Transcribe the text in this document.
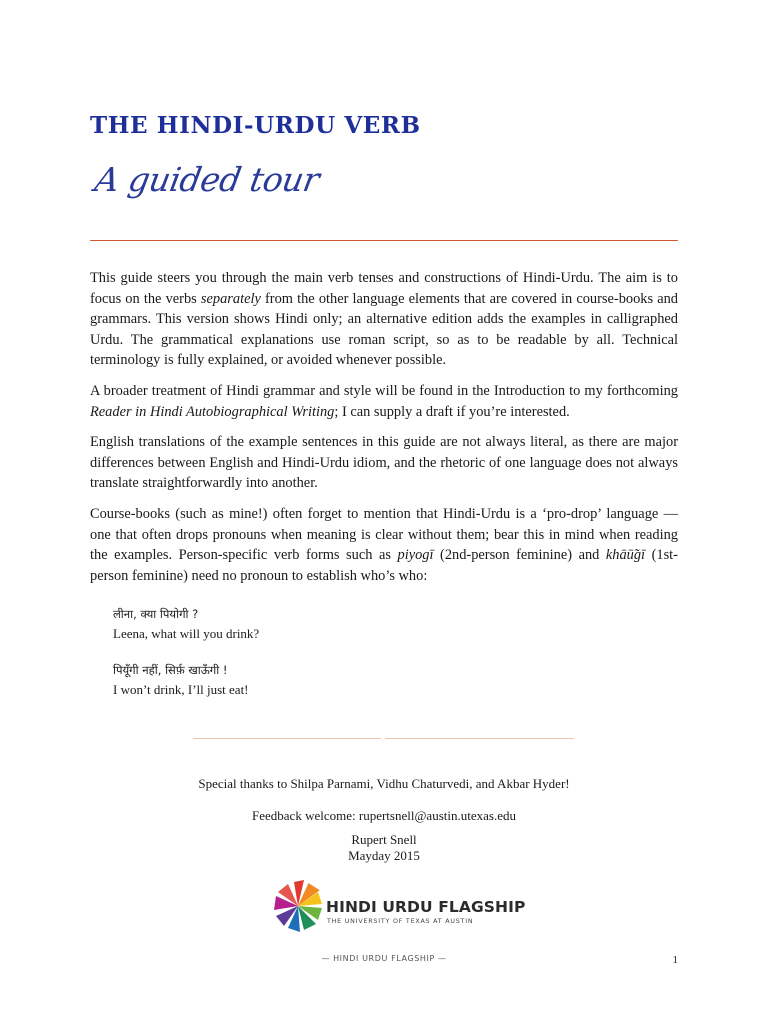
THE HINDI-URDU VERB
A guided tour

This guide steers you through the main verb tenses and constructions of Hindi-Urdu. The aim is to focus on the verbs separately from the other language elements that are covered in course-books and grammars. This version shows Hindi only; an alternative edition adds the examples in calligraphed Urdu. The grammatical explanations use roman script, so as to be readable by all. Technical terminology is fully explained, or avoided whenever possible.

A broader treatment of Hindi grammar and style will be found in the Introduction to my forthcoming Reader in Hindi Autobiographical Writing; I can supply a draft if you’re interested.

English translations of the example sentences in this guide are not always literal, as there are major differences between English and Hindi-Urdu idiom, and the rhetoric of one language does not always translate straightforwardly into another.

Course-books (such as mine!) often forget to mention that Hindi-Urdu is a ‘pro-drop’ language — one that often drops pronouns when meaning is clear without them; bear this in mind when reading the examples. Person-specific verb forms such as piyogī (2nd-person feminine) and khāū̃gī (1st-person feminine) need no pronoun to establish who’s who:

लीना, क्या पियोगी ?
Leena, what will you drink?
पियूँगी नहीं, सिर्फ़ खाऊँगी !
I won’t drink, I’ll just eat!
Special thanks to Shilpa Parnami, Vidhu Chaturvedi, and Akbar Hyder!
Feedback welcome: rupertsnell@austin.utexas.edu
Rupert Snell
Mayday 2015
HINDI URDU FLAGSHIP
THE UNIVERSITY OF TEXAS AT AUSTIN
— HINDI URDU FLAGSHIP —	1
